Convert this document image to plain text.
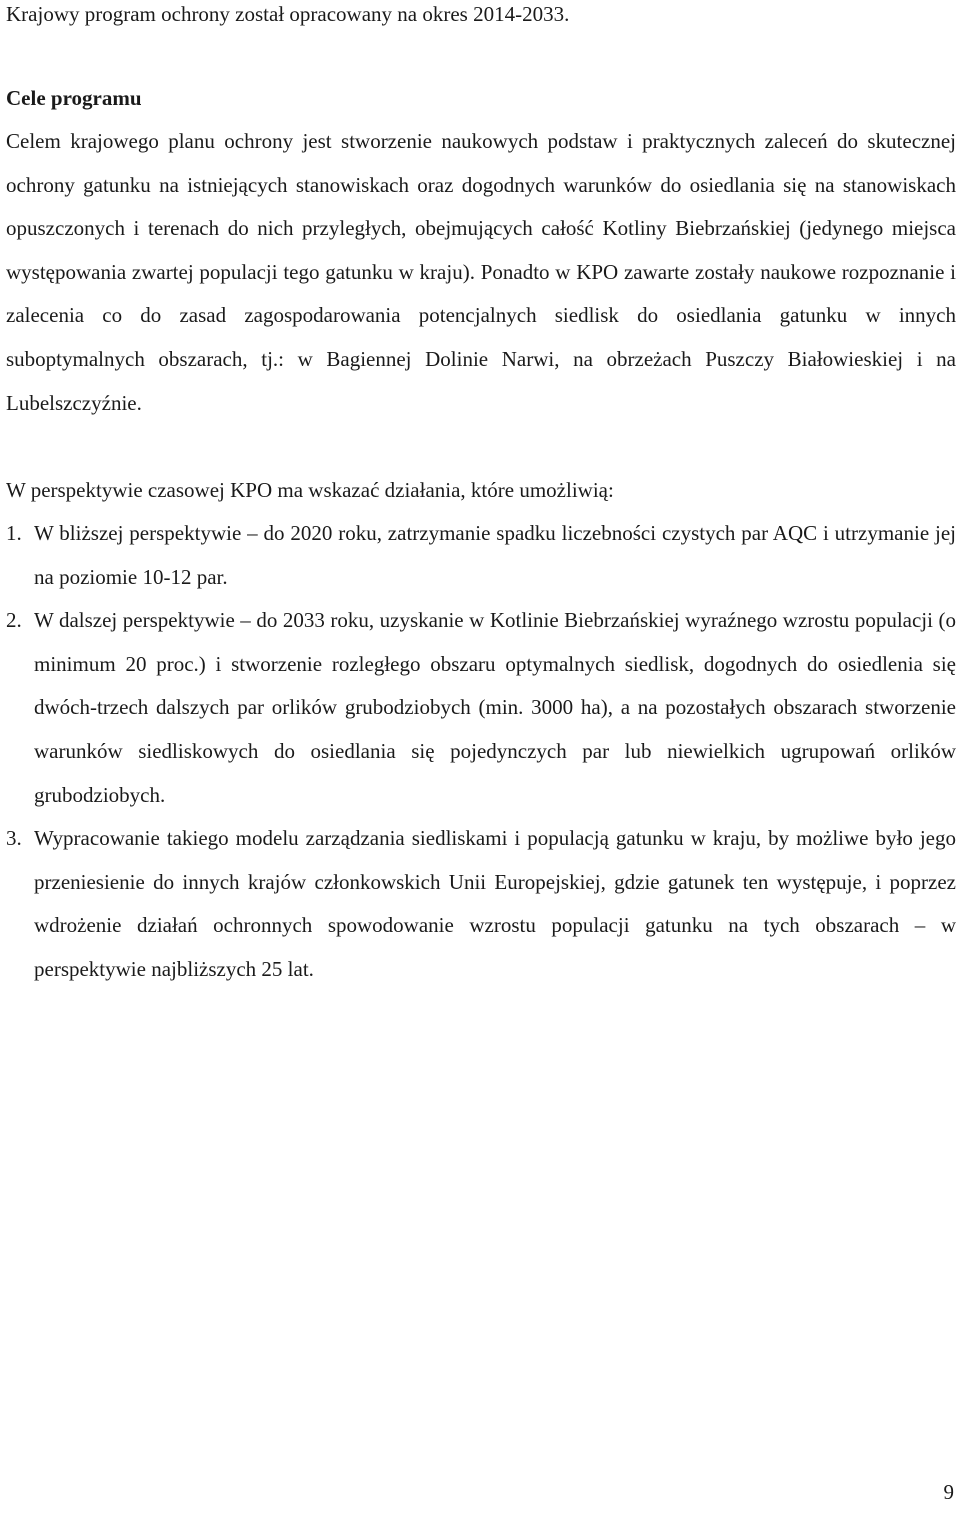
Krajowy program ochrony został opracowany na okres 2014-2033.
Cele programu
Celem krajowego planu ochrony jest stworzenie naukowych podstaw i praktycznych zaleceń do skutecznej ochrony gatunku na istniejących stanowiskach oraz dogodnych warunków do osiedlania się na stanowiskach opuszczonych i terenach do nich przyległych, obejmujących całość Kotliny Biebrzańskiej (jedynego miejsca występowania zwartej populacji tego gatunku w kraju). Ponadto w KPO zawarte zostały naukowe rozpoznanie i zalecenia co do zasad zagospodarowania potencjalnych siedlisk do osiedlania gatunku w innych suboptymalnych obszarach, tj.: w Bagiennej Dolinie Narwi, na obrzeżach Puszczy Białowieskiej i na Lubelszczyźnie.
W perspektywie czasowej KPO ma wskazać działania, które umożliwią:
1. W bliższej perspektywie – do 2020 roku, zatrzymanie spadku liczebności czystych par AQC i utrzymanie jej na poziomie 10-12 par.
2. W dalszej perspektywie – do 2033 roku, uzyskanie w Kotlinie Biebrzańskiej wyraźnego wzrostu populacji (o minimum 20 proc.) i stworzenie rozległego obszaru optymalnych siedlisk, dogodnych do osiedlenia się dwóch-trzech dalszych par orlików grubodziobych (min. 3000 ha), a na pozostałych obszarach stworzenie warunków siedliskowych do osiedlania się pojedynczych par lub niewielkich ugrupowań orlików grubodziobych.
3. Wypracowanie takiego modelu zarządzania siedliskami i populacją gatunku w kraju, by możliwe było jego przeniesienie do innych krajów członkowskich Unii Europejskiej, gdzie gatunek ten występuje, i poprzez wdrożenie działań ochronnych spowodowanie wzrostu populacji gatunku na tych obszarach – w perspektywie najbliższych 25 lat.
9
